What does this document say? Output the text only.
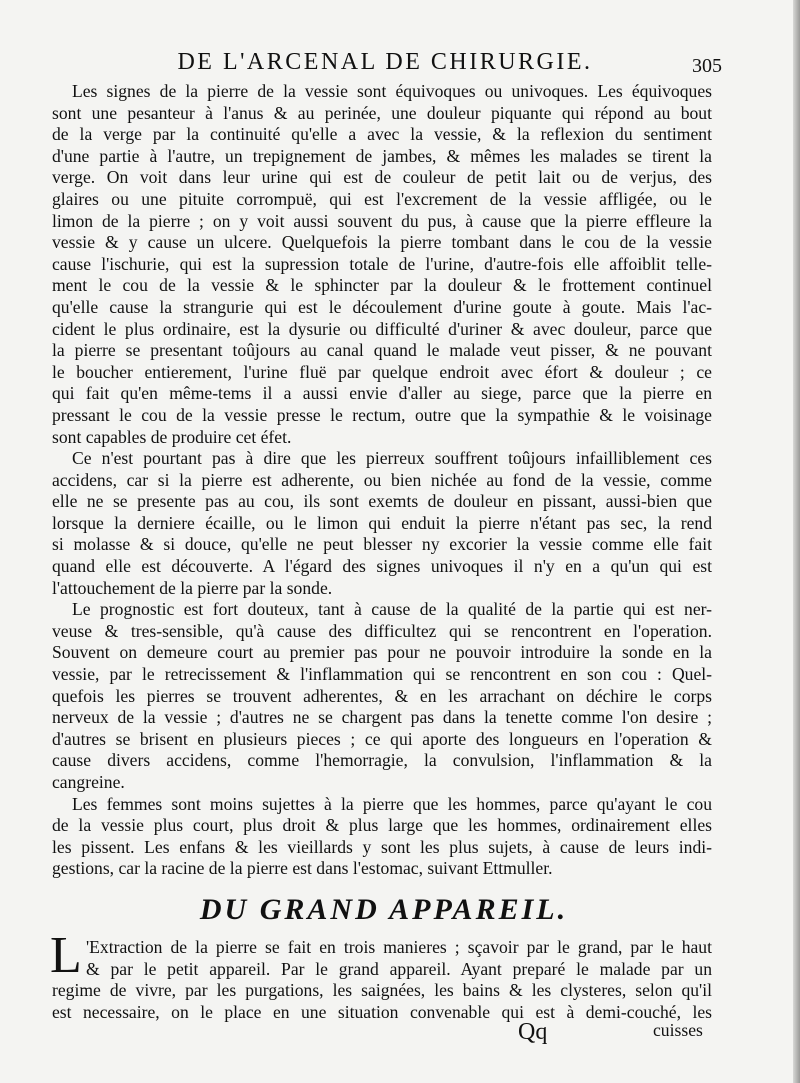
DE L'ARCENAL DE CHIRURGIE.	305
Les signes de la pierre de la vessie sont équivoques ou univoques. Les équivoques
sont une pesanteur à l'anus & au perinée, une douleur piquante qui répond au bout
de la verge par la continuité qu'elle a avec la vessie, & la reflexion du sentiment
d'une partie à l'autre, un trepignement de jambes, & mêmes les malades se tirent la
verge. On voit dans leur urine qui est de couleur de petit lait ou de verjus, des
glaires ou une pituite corrompuë, qui est l'excrement de la vessie affligée, ou le
limon de la pierre ; on y voit aussi souvent du pus, à cause que la pierre effleure la
vessie & y cause un ulcere. Quelquefois la pierre tombant dans le cou de la vessie
cause l'ischurie, qui est la supression totale de l'urine, d'autre-fois elle affoiblit telle-
ment le cou de la vessie & le sphincter par la douleur & le frottement continuel
qu'elle cause la strangurie qui est le découlement d'urine goute à goute. Mais l'ac-
cident le plus ordinaire, est la dysurie ou difficulté d'uriner & avec douleur, parce que
la pierre se presentant toûjours au canal quand le malade veut pisser, & ne pouvant
le boucher entierement, l'urine fluë par quelque endroit avec éfort & douleur ; ce
qui fait qu'en même-tems il a aussi envie d'aller au siege, parce que la pierre en
pressant le cou de la vessie presse le rectum, outre que la sympathie & le voisinage
sont capables de produire cet éfet.
Ce n'est pourtant pas à dire que les pierreux souffrent toûjours infailliblement ces
accidens, car si la pierre est adherente, ou bien nichée au fond de la vessie, comme
elle ne se presente pas au cou, ils sont exemts de douleur en pissant, aussi-bien que
lorsque la derniere écaille, ou le limon qui enduit la pierre n'étant pas sec, la rend
si molasse & si douce, qu'elle ne peut blesser ny excorier la vessie comme elle fait
quand elle est découverte. A l'égard des signes univoques il n'y en a qu'un qui est
l'attouchement de la pierre par la sonde.
Le prognostic est fort douteux, tant à cause de la qualité de la partie qui est ner-
veuse & tres-sensible, qu'à cause des difficultez qui se rencontrent en l'operation.
Souvent on demeure court au premier pas pour ne pouvoir introduire la sonde en la
vessie, par le retrecissement & l'inflammation qui se rencontrent en son cou : Quel-
quefois les pierres se trouvent adherentes, & en les arrachant on déchire le corps
nerveux de la vessie ; d'autres ne se chargent pas dans la tenette comme l'on desire ;
d'autres se brisent en plusieurs pieces ; ce qui aporte des longueurs en l'operation &
cause divers accidens, comme l'hemorragie, la convulsion, l'inflammation & la
cangreine.
Les femmes sont moins sujettes à la pierre que les hommes, parce qu'ayant le cou
de la vessie plus court, plus droit & plus large que les hommes, ordinairement elles
les pissent. Les enfans & les vieillards y sont les plus sujets, à cause de leurs indi-
gestions, car la racine de la pierre est dans l'estomac, suivant Ettmuller.
DU GRAND APPAREIL.
L 'Extraction de la pierre se fait en trois manieres ; sçavoir par le grand, par le haut
& par le petit appareil. Par le grand appareil. Ayant preparé le malade par un
regime de vivre, par les purgations, les saignées, les bains & les clysteres, selon qu'il
est necessaire, on le place en une situation convenable qui est à demi-couché, les
Qq	cuisses
